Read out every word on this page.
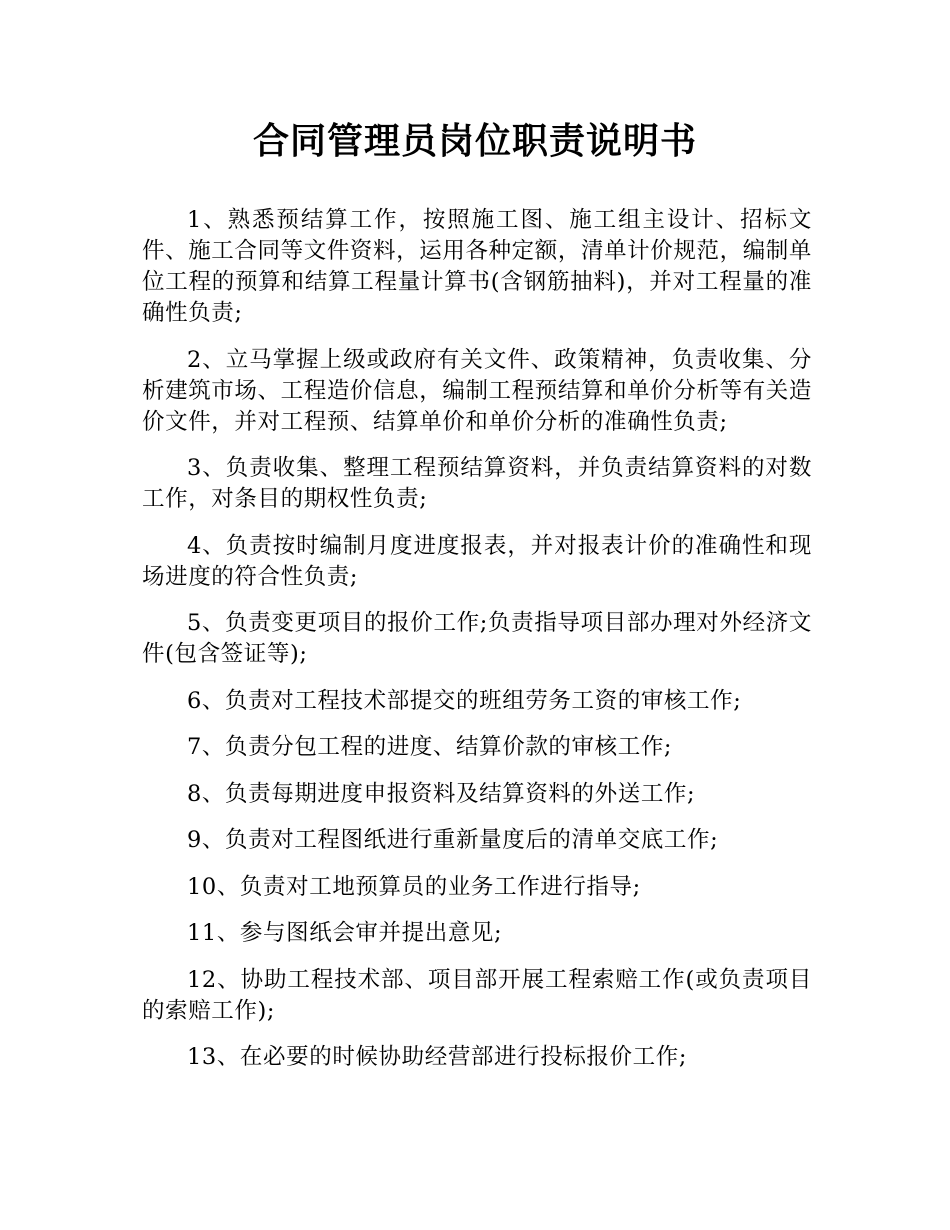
合同管理员岗位职责说明书

1、熟悉预结算工作，按照施工图、施工组主设计、招标文件、施工合同等文件资料，运用各种定额，清单计价规范，编制单位工程的预算和结算工程量计算书(含钢筋抽料)，并对工程量的准确性负责;

2、立马掌握上级或政府有关文件、政策精神，负责收集、分析建筑市场、工程造价信息，编制工程预结算和单价分析等有关造价文件，并对工程预、结算单价和单价分析的准确性负责;

3、负责收集、整理工程预结算资料，并负责结算资料的对数工作，对条目的期权性负责;

4、负责按时编制月度进度报表，并对报表计价的准确性和现场进度的符合性负责;

5、负责变更项目的报价工作;负责指导项目部办理对外经济文件(包含签证等);

6、负责对工程技术部提交的班组劳务工资的审核工作;

7、负责分包工程的进度、结算价款的审核工作;

8、负责每期进度申报资料及结算资料的外送工作;

9、负责对工程图纸进行重新量度后的清单交底工作;

10、负责对工地预算员的业务工作进行指导;

11、参与图纸会审并提出意见;

12、协助工程技术部、项目部开展工程索赔工作(或负责项目的索赔工作);

13、在必要的时候协助经营部进行投标报价工作;
